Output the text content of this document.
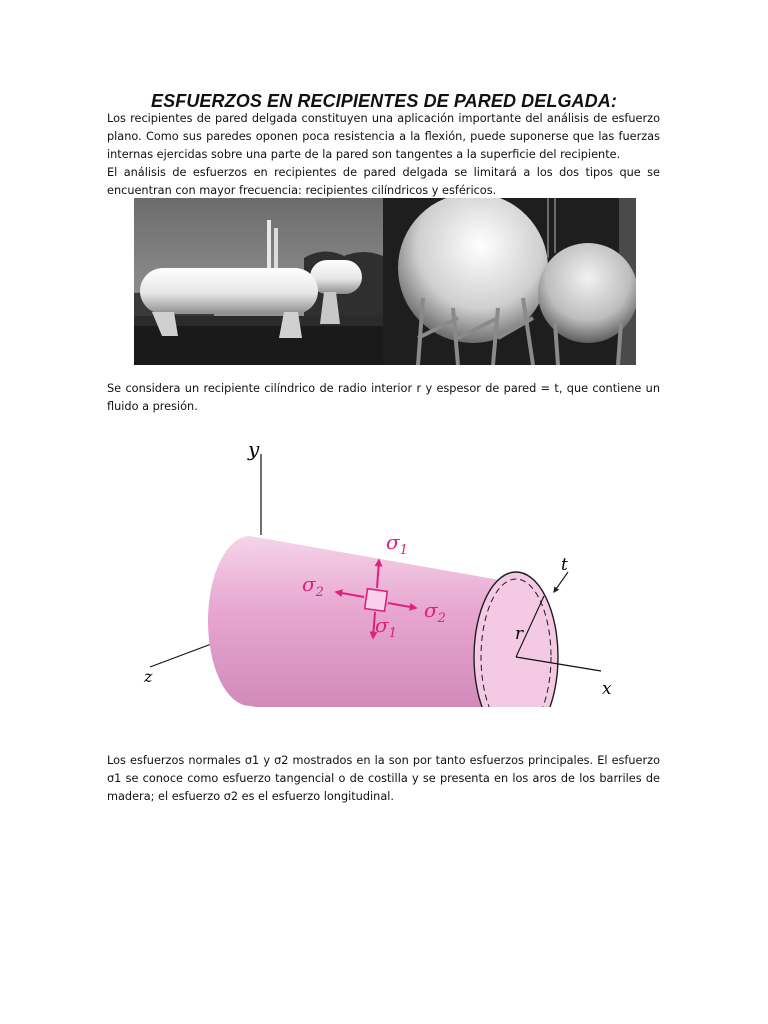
ESFUERZOS EN RECIPIENTES DE PARED DELGADA:
Los recipientes de pared delgada constituyen una aplicación importante del análisis de esfuerzo plano. Como sus paredes oponen poca resistencia a la flexión, puede suponerse que las fuerzas internas ejercidas sobre una parte de la pared son tangentes a la superficie del recipiente.
El análisis de esfuerzos en recipientes de pared delgada se limitará a los dos tipos que se encuentran con mayor frecuencia: recipientes cilíndricos y esféricos.
Se considera un recipiente cilíndrico de radio interior r y espesor de pared = t, que contiene un fluido a presión.
y
z
x
r
t
$\sigma_1$
$\sigma_1$
$\sigma_2$
$\sigma_2$
Los esfuerzos normales σ1 y σ2 mostrados en la son por tanto esfuerzos principales. El esfuerzo σ1 se conoce como esfuerzo tangencial o de costilla y se presenta en los aros de los barriles de madera; el esfuerzo σ2 es el esfuerzo longitudinal.
